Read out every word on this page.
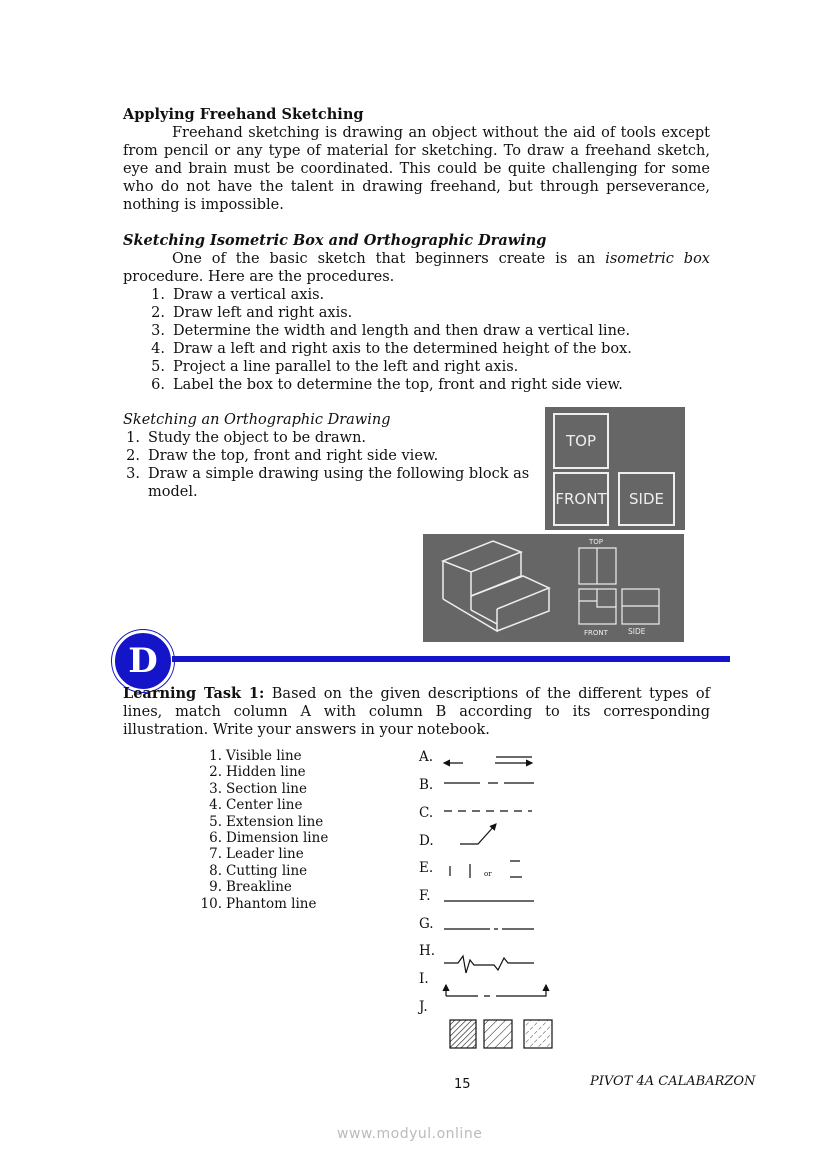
Applying Freehand Sketching
Freehand sketching is drawing an object without the aid of tools except from pencil or any type of material for sketching. To draw a freehand sketch, eye and brain must be coordinated. This could be quite challenging for some who do not have the talent in drawing freehand, but through perseverance, nothing is impossible.
Sketching Isometric Box and Orthographic Drawing
One of the basic sketch that beginners create is an isometric box procedure. Here are the procedures.
1. Draw a vertical axis.
2. Draw left and right axis.
3. Determine the width and length and then draw a vertical line.
4. Draw a left and right axis to the determined height of the box.
5. Project a line parallel to the left and right axis.
6. Label the box to determine the top, front and right side view.
Sketching an Orthographic Drawing
1. Study the object to be drawn.
2. Draw the top, front and right side view.
3. Draw a simple drawing using the following block as model.
TOP
FRONT	SIDE
TOP
FRONT	SIDE
D
Learning Task 1: Based on the given descriptions of the different types of lines, match column A with column B according to its corresponding illustration. Write your answers in your notebook.
1. Visible line
2. Hidden line
3. Section line
4. Center line
5. Extension line
6. Dimension line
7. Leader line
8. Cutting line
9. Breakline
10. Phantom line
A.
B.
C.
D.
E.
F.
G.
H.
I.
J.
or
15	PIVOT 4A CALABARZON
www.modyul.online
